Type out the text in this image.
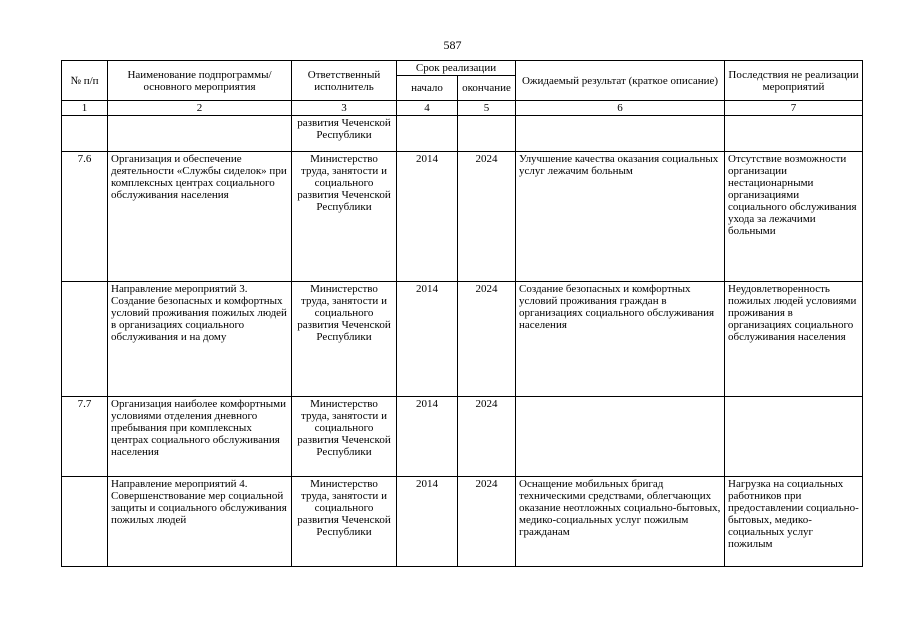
587
№ п/п	Наименование подпрограммы/ основного мероприятия	Ответственный исполнитель	Срок реализации		Ожидаемый результат (краткое описание)	Последствия не реализации мероприятий
			начало	окончание		
1	2	3	4	5	6	7
		развития Чеченской Республики				
7.6	Организация и обеспечение деятельности «Службы сиделок» при комплексных центрах социального обслуживания населения	Министерство труда, занятости и социального развития Чеченской Республики	2014	2024	Улучшение качества оказания социальных услуг лежачим больным	Отсутствие возможности организации нестационарными организациями социального обслуживания ухода за лежачими больными
	Направление мероприятий 3. Создание безопасных и комфортных условий проживания пожилых людей в организациях социального обслуживания и на дому	Министерство труда, занятости и социального развития Чеченской Республики	2014	2024	Создание безопасных и комфортных условий проживания граждан в организациях социального обслуживания населения	Неудовлетворенность пожилых людей условиями проживания в организациях социального обслуживания населения
7.7	Организация наиболее комфортными условиями отделения дневного пребывания при комплексных центрах социального обслуживания населения	Министерство труда, занятости и социального развития Чеченской Республики	2014	2024		
	Направление мероприятий 4. Совершенствование мер социальной защиты и социального обслуживания пожилых людей	Министерство труда, занятости и социального развития Чеченской Республики	2014	2024	Оснащение мобильных бригад техническими средствами, облегчающих оказание неотложных социально-бытовых, медико-социальных услуг пожилым гражданам	Нагрузка на социальных работников при предоставлении социально-бытовых, медико-социальных услуг пожилым
